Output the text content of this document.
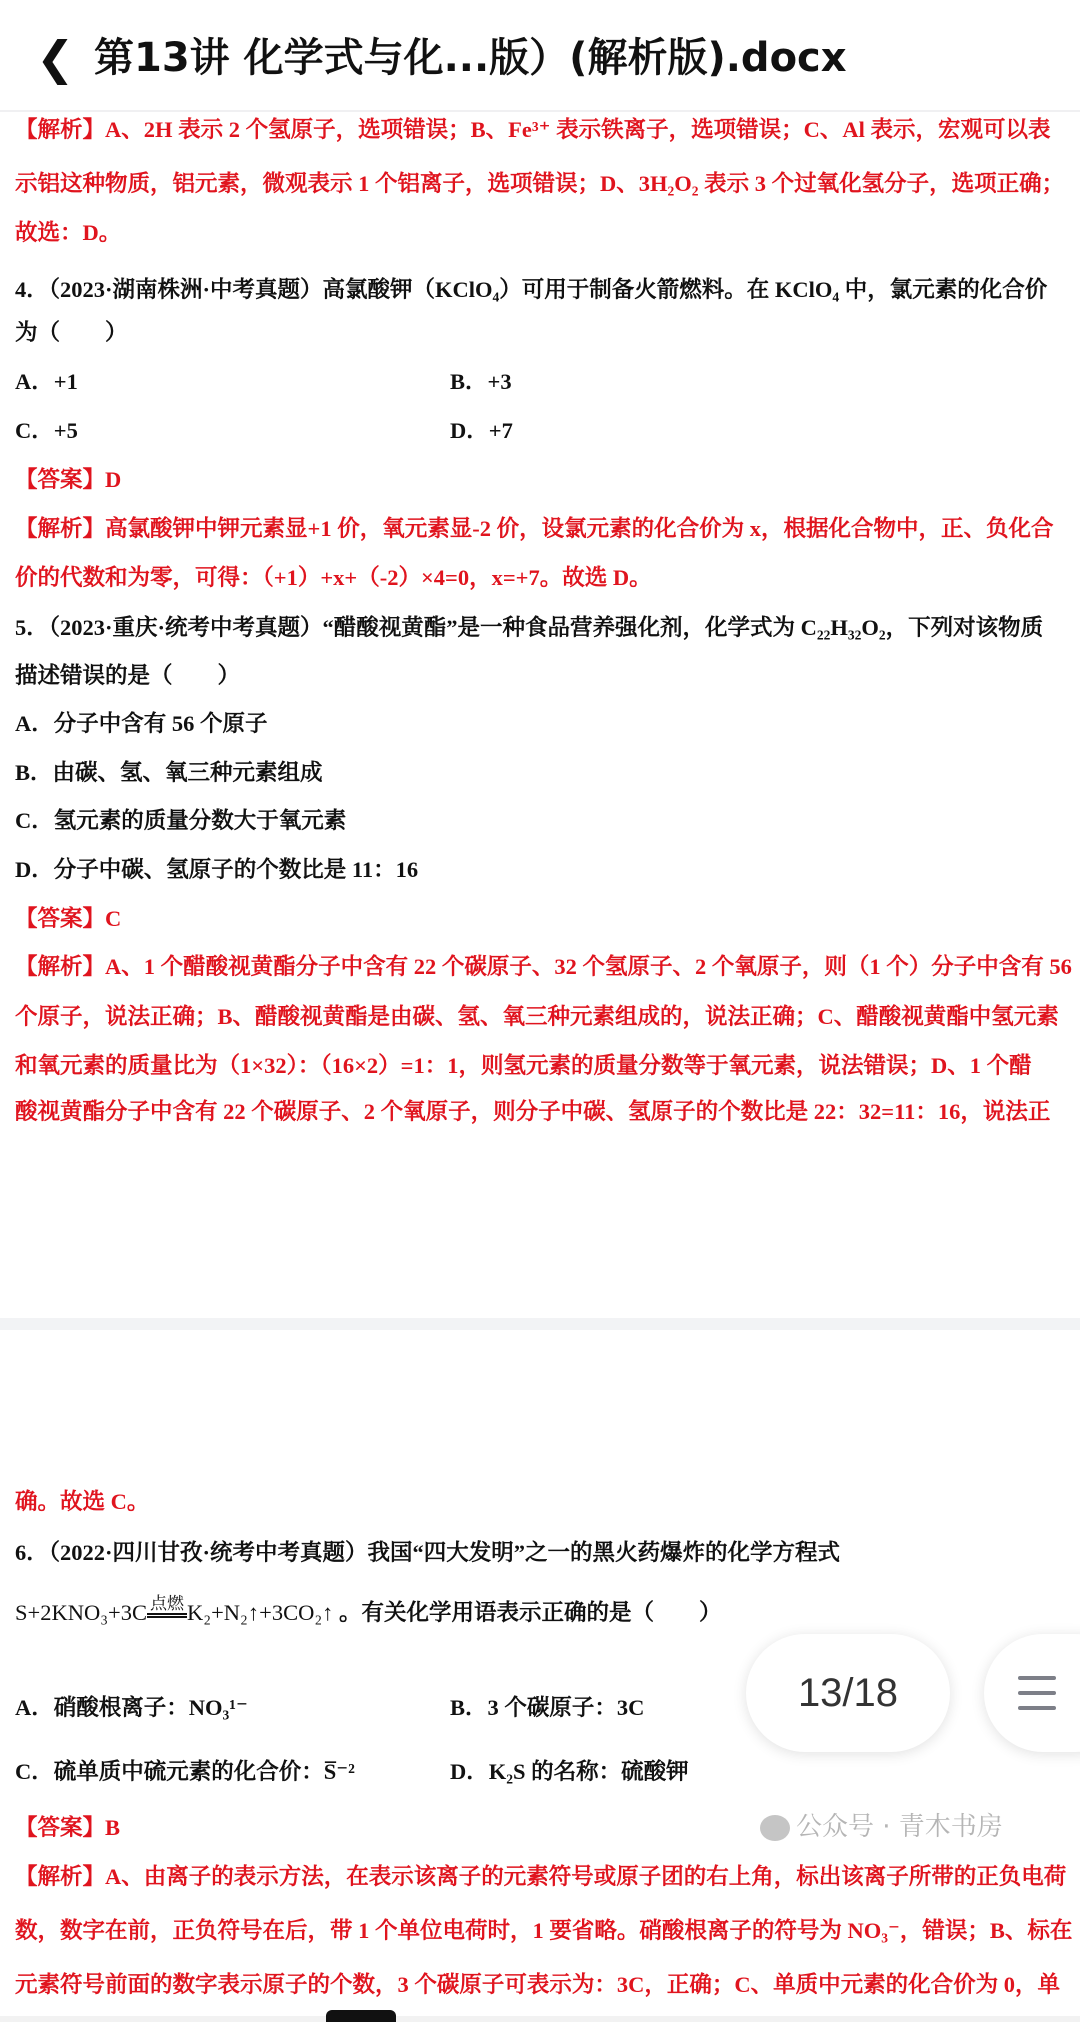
❮ 第13讲 化学式与化...版）(解析版).docx
【解析】A、2H 表示 2 个氢原子，选项错误；B、Fe³⁺ 表示铁离子，选项错误；C、Al 表示，宏观可以表
示铝这种物质，铝元素，微观表示 1 个铝离子，选项错误；D、3H₂O₂ 表示 3 个过氧化氢分子，选项正确；
故选：D。
4．（2023·湖南株洲·中考真题）高氯酸钾（KClO₄）可用于制备火箭燃料。在 KClO₄ 中，氯元素的化合价
为（　　）
A．+1	B．+3
C．+5	D．+7
【答案】D
【解析】高氯酸钾中钾元素显+1 价，氧元素显-2 价，设氯元素的化合价为 x，根据化合物中，正、负化合
价的代数和为零，可得：（+1）+x+（-2）×4=0，x=+7。故选 D。
5．（2023·重庆·统考中考真题）“醋酸视黄酯”是一种食品营养强化剂，化学式为 C₂₂H₃₂O₂，下列对该物质
描述错误的是（　　）
A．分子中含有 56 个原子
B．由碳、氢、氧三种元素组成
C．氢元素的质量分数大于氧元素
D．分子中碳、氢原子的个数比是 11：16
【答案】C
【解析】A、1 个醋酸视黄酯分子中含有 22 个碳原子、32 个氢原子、2 个氧原子，则（1 个）分子中含有 56
个原子，说法正确；B、醋酸视黄酯是由碳、氢、氧三种元素组成的，说法正确；C、醋酸视黄酯中氢元素
和氧元素的质量比为（1×32）：（16×2）=1：1，则氢元素的质量分数等于氧元素，说法错误；D、1 个醋
酸视黄酯分子中含有 22 个碳原子、2 个氧原子，则分子中碳、氢原子的个数比是 22：32=11：16，说法正
确。故选 C。
6．（2022·四川甘孜·统考中考真题）我国“四大发明”之一的黑火药爆炸的化学方程式
S+2KNO₃+3C 点燃 K₂+N₂↑+3CO₂↑ 。有关化学用语表示正确的是（　　）
A．硝酸根离子：NO₃¹⁻	B．3 个碳原子：3C
C．硫单质中硫元素的化合价：S̅⁻²	D．K₂S 的名称：硫酸钾
【答案】B
【解析】A、由离子的表示方法，在表示该离子的元素符号或原子团的右上角，标出该离子所带的正负电荷
数，数字在前，正负符号在后，带 1 个单位电荷时，1 要省略。硝酸根离子的符号为 NO₃⁻，错误；B、标在
元素符号前面的数字表示原子的个数，3 个碳原子可表示为：3C，正确；C、单质中元素的化合价为 0，单
公众号 · 青木书房
13/18
